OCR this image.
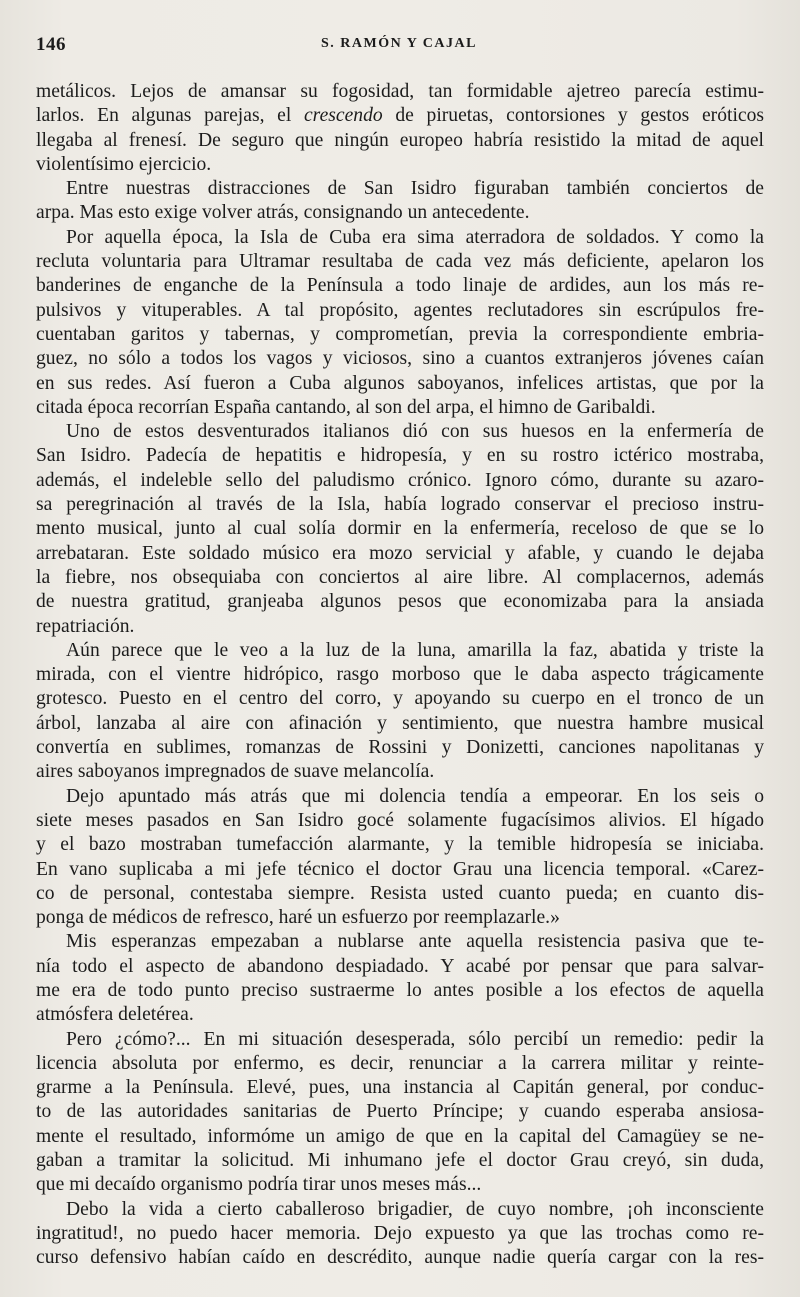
146	S. RAMÓN Y CAJAL
metálicos. Lejos de amansar su fogosidad, tan formidable ajetreo parecía estimu-
larlos. En algunas parejas, el crescendo de piruetas, contorsiones y gestos eróticos
llegaba al frenesí. De seguro que ningún europeo habría resistido la mitad de aquel
violentísimo ejercicio.
Entre nuestras distracciones de San Isidro figuraban también conciertos de
arpa. Mas esto exige volver atrás, consignando un antecedente.
Por aquella época, la Isla de Cuba era sima aterradora de soldados. Y como la
recluta voluntaria para Ultramar resultaba de cada vez más deficiente, apelaron los
banderines de enganche de la Península a todo linaje de ardides, aun los más re-
pulsivos y vituperables. A tal propósito, agentes reclutadores sin escrúpulos fre-
cuentaban garitos y tabernas, y comprometían, previa la correspondiente embria-
guez, no sólo a todos los vagos y viciosos, sino a cuantos extranjeros jóvenes caían
en sus redes. Así fueron a Cuba algunos saboyanos, infelices artistas, que por la
citada época recorrían España cantando, al son del arpa, el himno de Garibaldi.
Uno de estos desventurados italianos dió con sus huesos en la enfermería de
San Isidro. Padecía de hepatitis e hidropesía, y en su rostro ictérico mostraba,
además, el indeleble sello del paludismo crónico. Ignoro cómo, durante su azaro-
sa peregrinación al través de la Isla, había logrado conservar el precioso instru-
mento musical, junto al cual solía dormir en la enfermería, receloso de que se lo
arrebataran. Este soldado músico era mozo servicial y afable, y cuando le dejaba
la fiebre, nos obsequiaba con conciertos al aire libre. Al complacernos, además
de nuestra gratitud, granjeaba algunos pesos que economizaba para la ansiada
repatriación.
Aún parece que le veo a la luz de la luna, amarilla la faz, abatida y triste la
mirada, con el vientre hidrópico, rasgo morboso que le daba aspecto trágicamente
grotesco. Puesto en el centro del corro, y apoyando su cuerpo en el tronco de un
árbol, lanzaba al aire con afinación y sentimiento, que nuestra hambre musical
convertía en sublimes, romanzas de Rossini y Donizetti, canciones napolitanas y
aires saboyanos impregnados de suave melancolía.
Dejo apuntado más atrás que mi dolencia tendía a empeorar. En los seis o
siete meses pasados en San Isidro gocé solamente fugacísimos alivios. El hígado
y el bazo mostraban tumefacción alarmante, y la temible hidropesía se iniciaba.
En vano suplicaba a mi jefe técnico el doctor Grau una licencia temporal. «Carez-
co de personal, contestaba siempre. Resista usted cuanto pueda; en cuanto dis-
ponga de médicos de refresco, haré un esfuerzo por reemplazarle.»
Mis esperanzas empezaban a nublarse ante aquella resistencia pasiva que te-
nía todo el aspecto de abandono despiadado. Y acabé por pensar que para salvar-
me era de todo punto preciso sustraerme lo antes posible a los efectos de aquella
atmósfera deletérea.
Pero ¿cómo?... En mi situación desesperada, sólo percibí un remedio: pedir la
licencia absoluta por enfermo, es decir, renunciar a la carrera militar y reinte-
grarme a la Península. Elevé, pues, una instancia al Capitán general, por conduc-
to de las autoridades sanitarias de Puerto Príncipe; y cuando esperaba ansiosa-
mente el resultado, informóme un amigo de que en la capital del Camagüey se ne-
gaban a tramitar la solicitud. Mi inhumano jefe el doctor Grau creyó, sin duda,
que mi decaído organismo podría tirar unos meses más...
Debo la vida a cierto caballeroso brigadier, de cuyo nombre, ¡oh inconsciente
ingratitud!, no puedo hacer memoria. Dejo expuesto ya que las trochas como re-
curso defensivo habían caído en descrédito, aunque nadie quería cargar con la res-
